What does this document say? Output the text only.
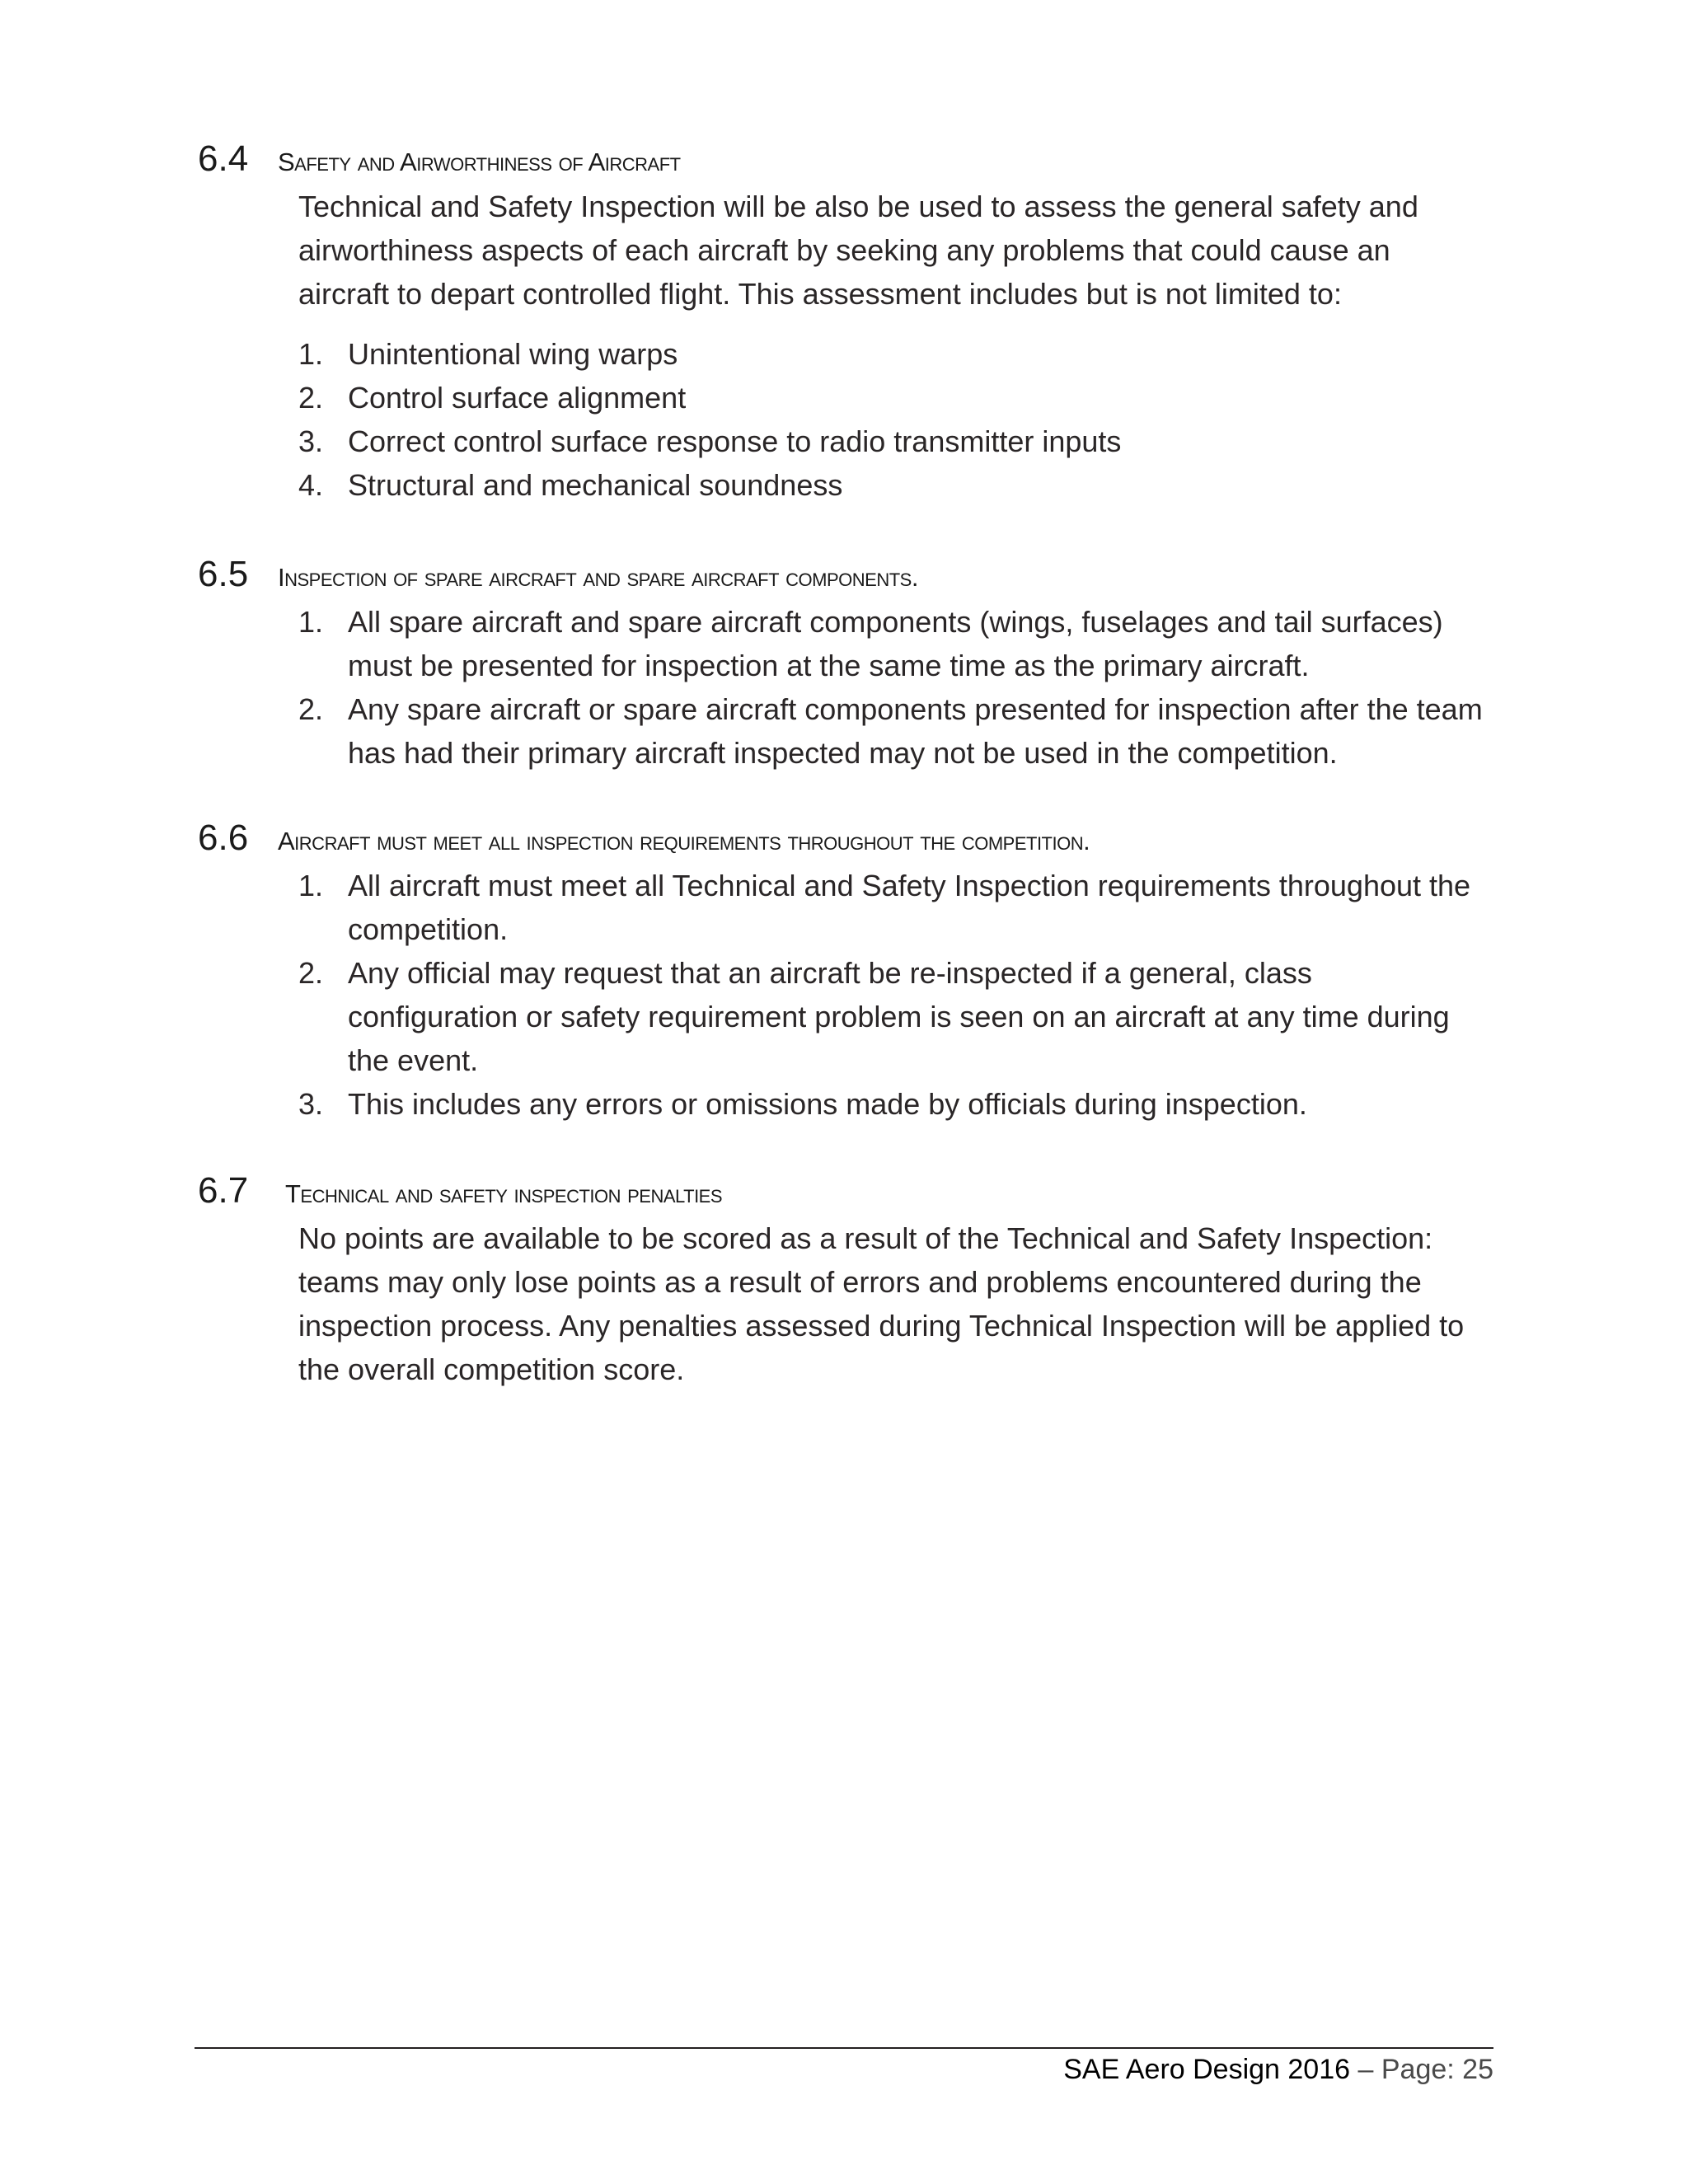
6.4	Safety and Airworthiness of Aircraft

Technical and Safety Inspection will be also be used to assess the general safety and airworthiness aspects of each aircraft by seeking any problems that could cause an aircraft to depart controlled flight. This assessment includes but is not limited to:

1. Unintentional wing warps
2. Control surface alignment
3. Correct control surface response to radio transmitter inputs
4. Structural and mechanical soundness
6.5	Inspection of spare aircraft and spare aircraft components.
1. All spare aircraft and spare aircraft components (wings, fuselages and tail surfaces) must be presented for inspection at the same time as the primary aircraft.
2. Any spare aircraft or spare aircraft components presented for inspection after the team has had their primary aircraft inspected may not be used in the competition.
6.6	Aircraft must meet all inspection requirements throughout the competition.
1. All aircraft must meet all Technical and Safety Inspection requirements throughout the competition.
2. Any official may request that an aircraft be re-inspected if a general, class configuration or safety requirement problem is seen on an aircraft at any time during the event.
3. This includes any errors or omissions made by officials during inspection.
6.7	Technical and safety inspection penalties

No points are available to be scored as a result of the Technical and Safety Inspection: teams may only lose points as a result of errors and problems encountered during the inspection process. Any penalties assessed during Technical Inspection will be applied to the overall competition score.

SAE Aero Design 2016 – Page: 25
